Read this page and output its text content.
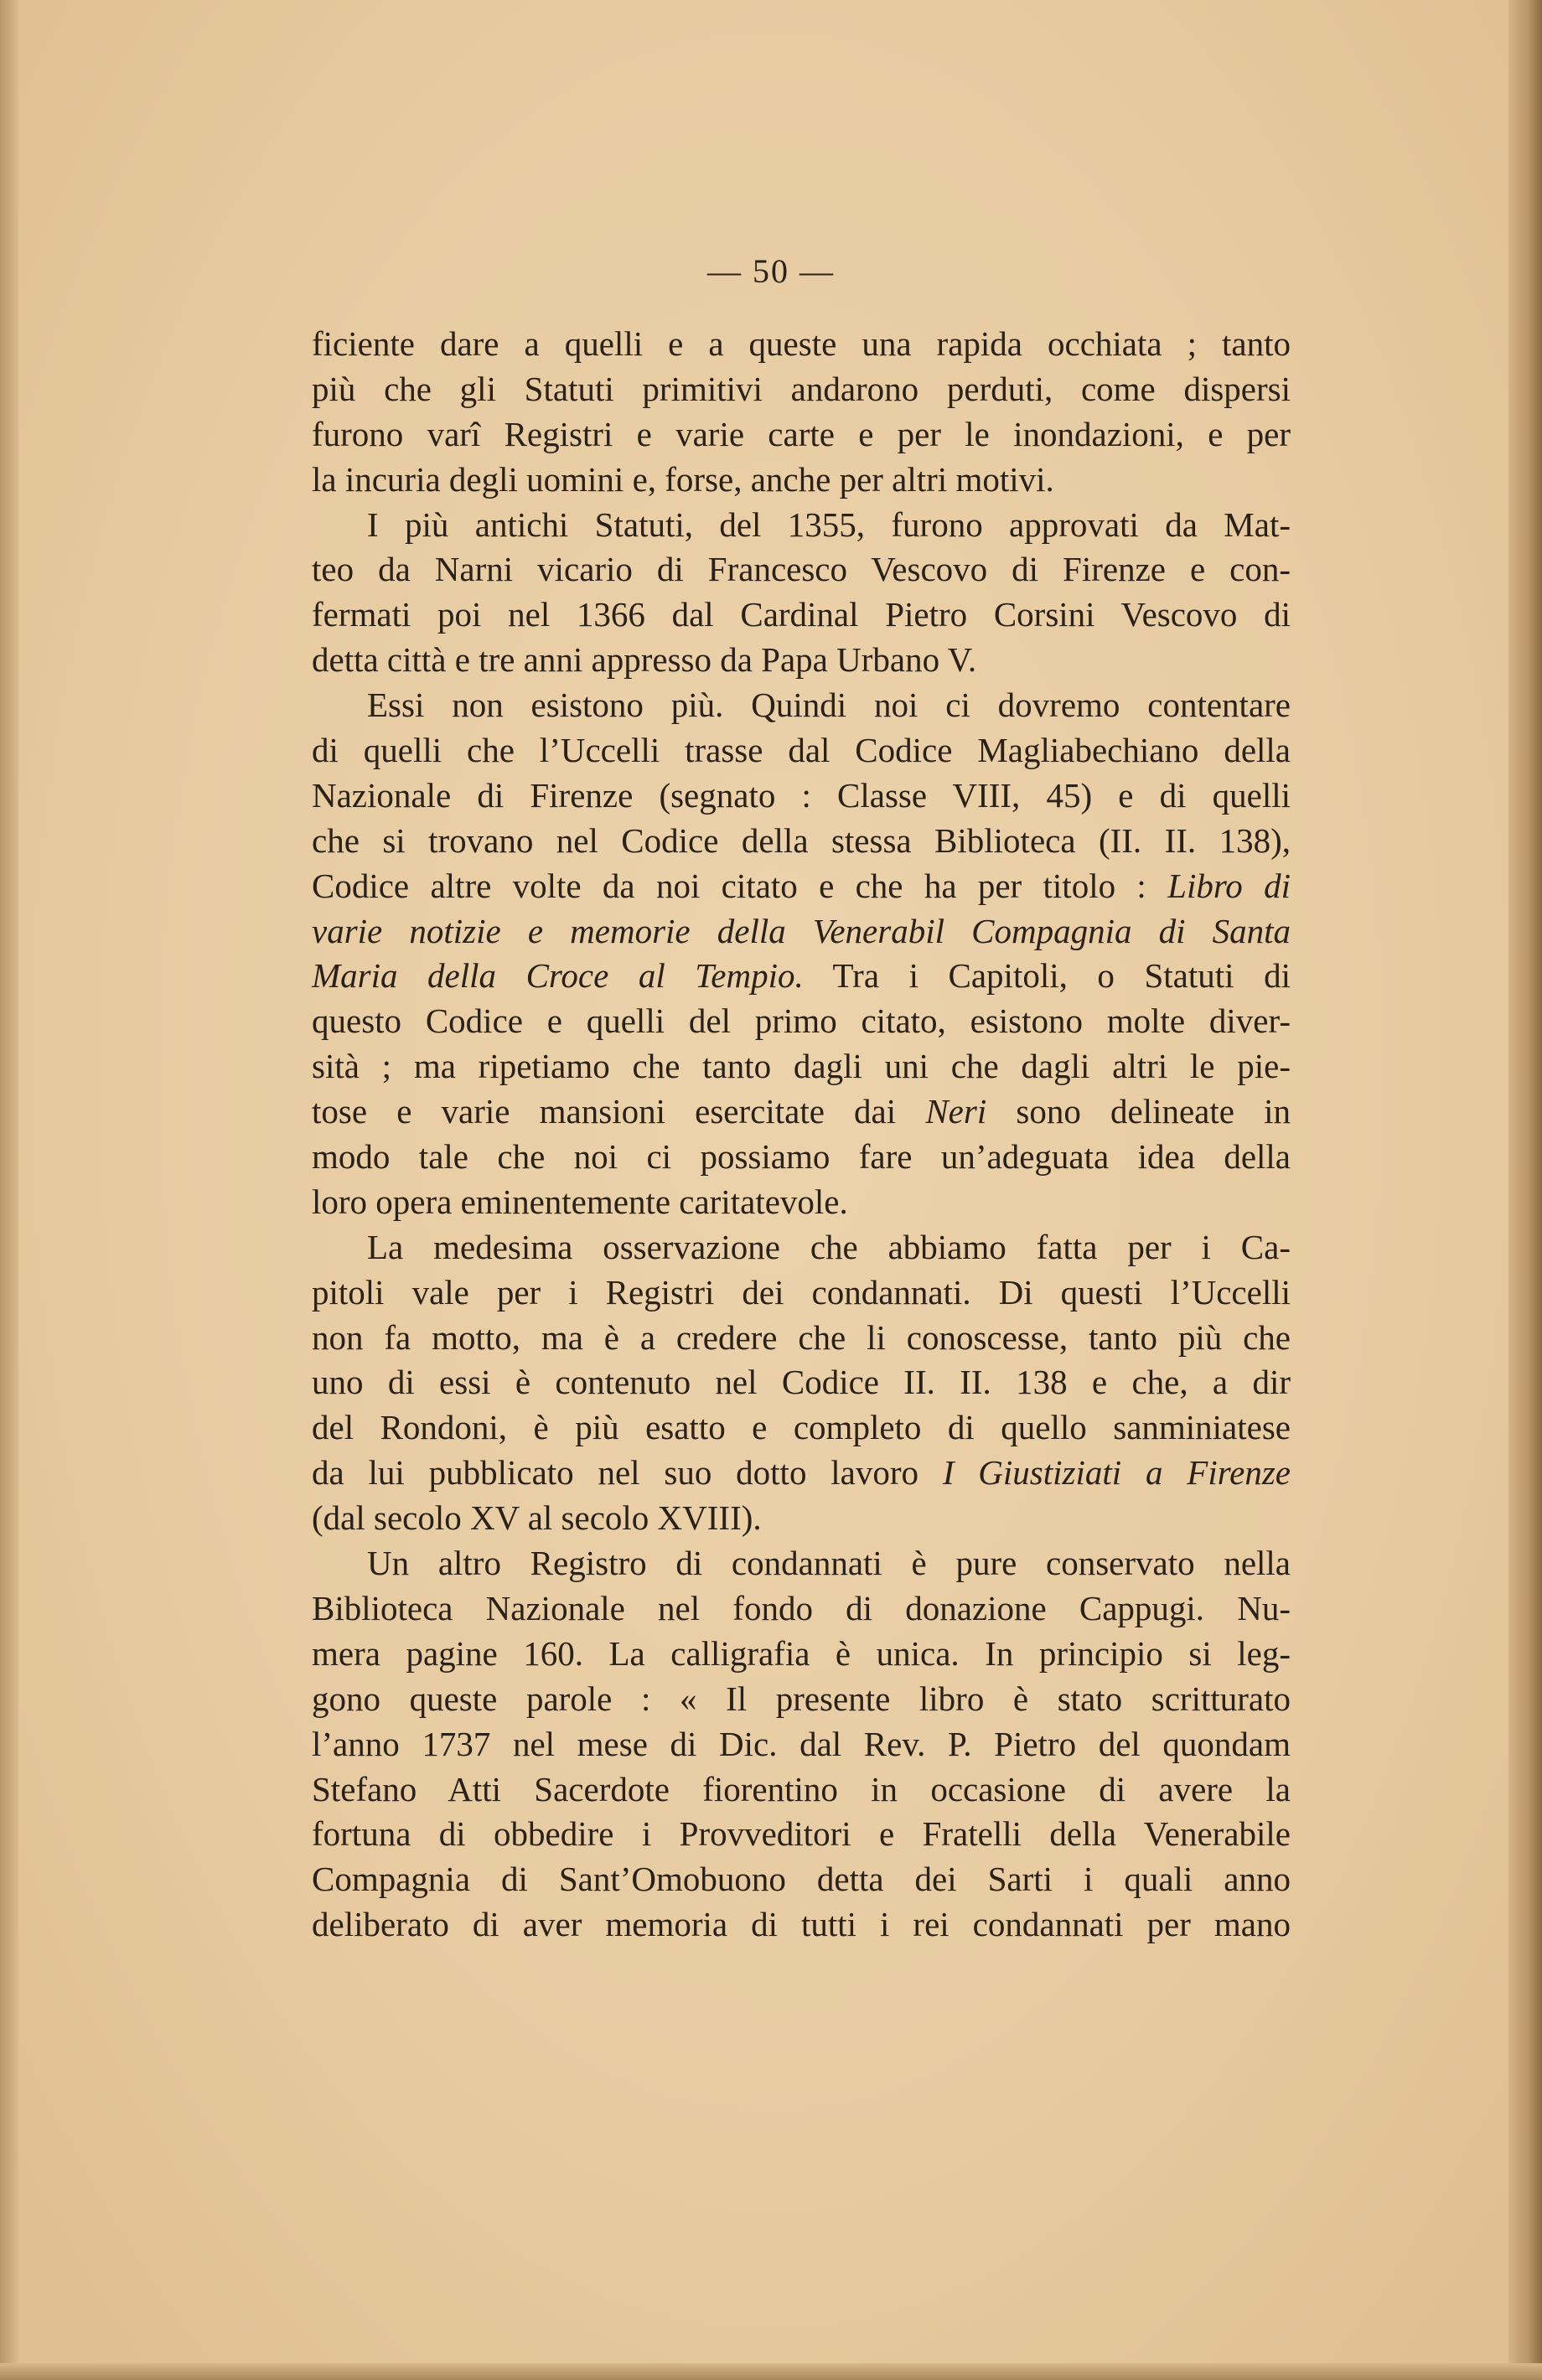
— 50 —
ficiente dare a quelli e a queste una rapida occhiata ; tanto
più che gli Statuti primitivi andarono perduti, come dispersi
furono varî Registri e varie carte e per le inondazioni, e per
la incuria degli uomini e, forse, anche per altri motivi.
I più antichi Statuti, del 1355, furono approvati da Mat-
teo da Narni vicario di Francesco Vescovo di Firenze e con-
fermati poi nel 1366 dal Cardinal Pietro Corsini Vescovo di
detta città e tre anni appresso da Papa Urbano V.
Essi non esistono più. Quindi noi ci dovremo contentare
di quelli che l’Uccelli trasse dal Codice Magliabechiano della
Nazionale di Firenze (segnato : Classe VIII, 45) e di quelli
che si trovano nel Codice della stessa Biblioteca (II. II. 138),
Codice altre volte da noi citato e che ha per titolo : Libro di
varie notizie e memorie della Venerabil Compagnia di Santa
Maria della Croce al Tempio. Tra i Capitoli, o Statuti di
questo Codice e quelli del primo citato, esistono molte diver-
sità ; ma ripetiamo che tanto dagli uni che dagli altri le pie-
tose e varie mansioni esercitate dai Neri sono delineate in
modo tale che noi ci possiamo fare un’adeguata idea della
loro opera eminentemente caritatevole.
La medesima osservazione che abbiamo fatta per i Ca-
pitoli vale per i Registri dei condannati. Di questi l’Uccelli
non fa motto, ma è a credere che li conoscesse, tanto più che
uno di essi è contenuto nel Codice II. II. 138 e che, a dir
del Rondoni, è più esatto e completo di quello sanminiatese
da lui pubblicato nel suo dotto lavoro I Giustiziati a Firenze
(dal secolo XV al secolo XVIII).
Un altro Registro di condannati è pure conservato nella
Biblioteca Nazionale nel fondo di donazione Cappugi. Nu-
mera pagine 160. La calligrafia è unica. In principio si leg-
gono queste parole : « Il presente libro è stato scritturato
l’anno 1737 nel mese di Dic. dal Rev. P. Pietro del quondam
Stefano Atti Sacerdote fiorentino in occasione di avere la
fortuna di obbedire i Provveditori e Fratelli della Venerabile
Compagnia di Sant’Omobuono detta dei Sarti i quali anno
deliberato di aver memoria di tutti i rei condannati per mano
